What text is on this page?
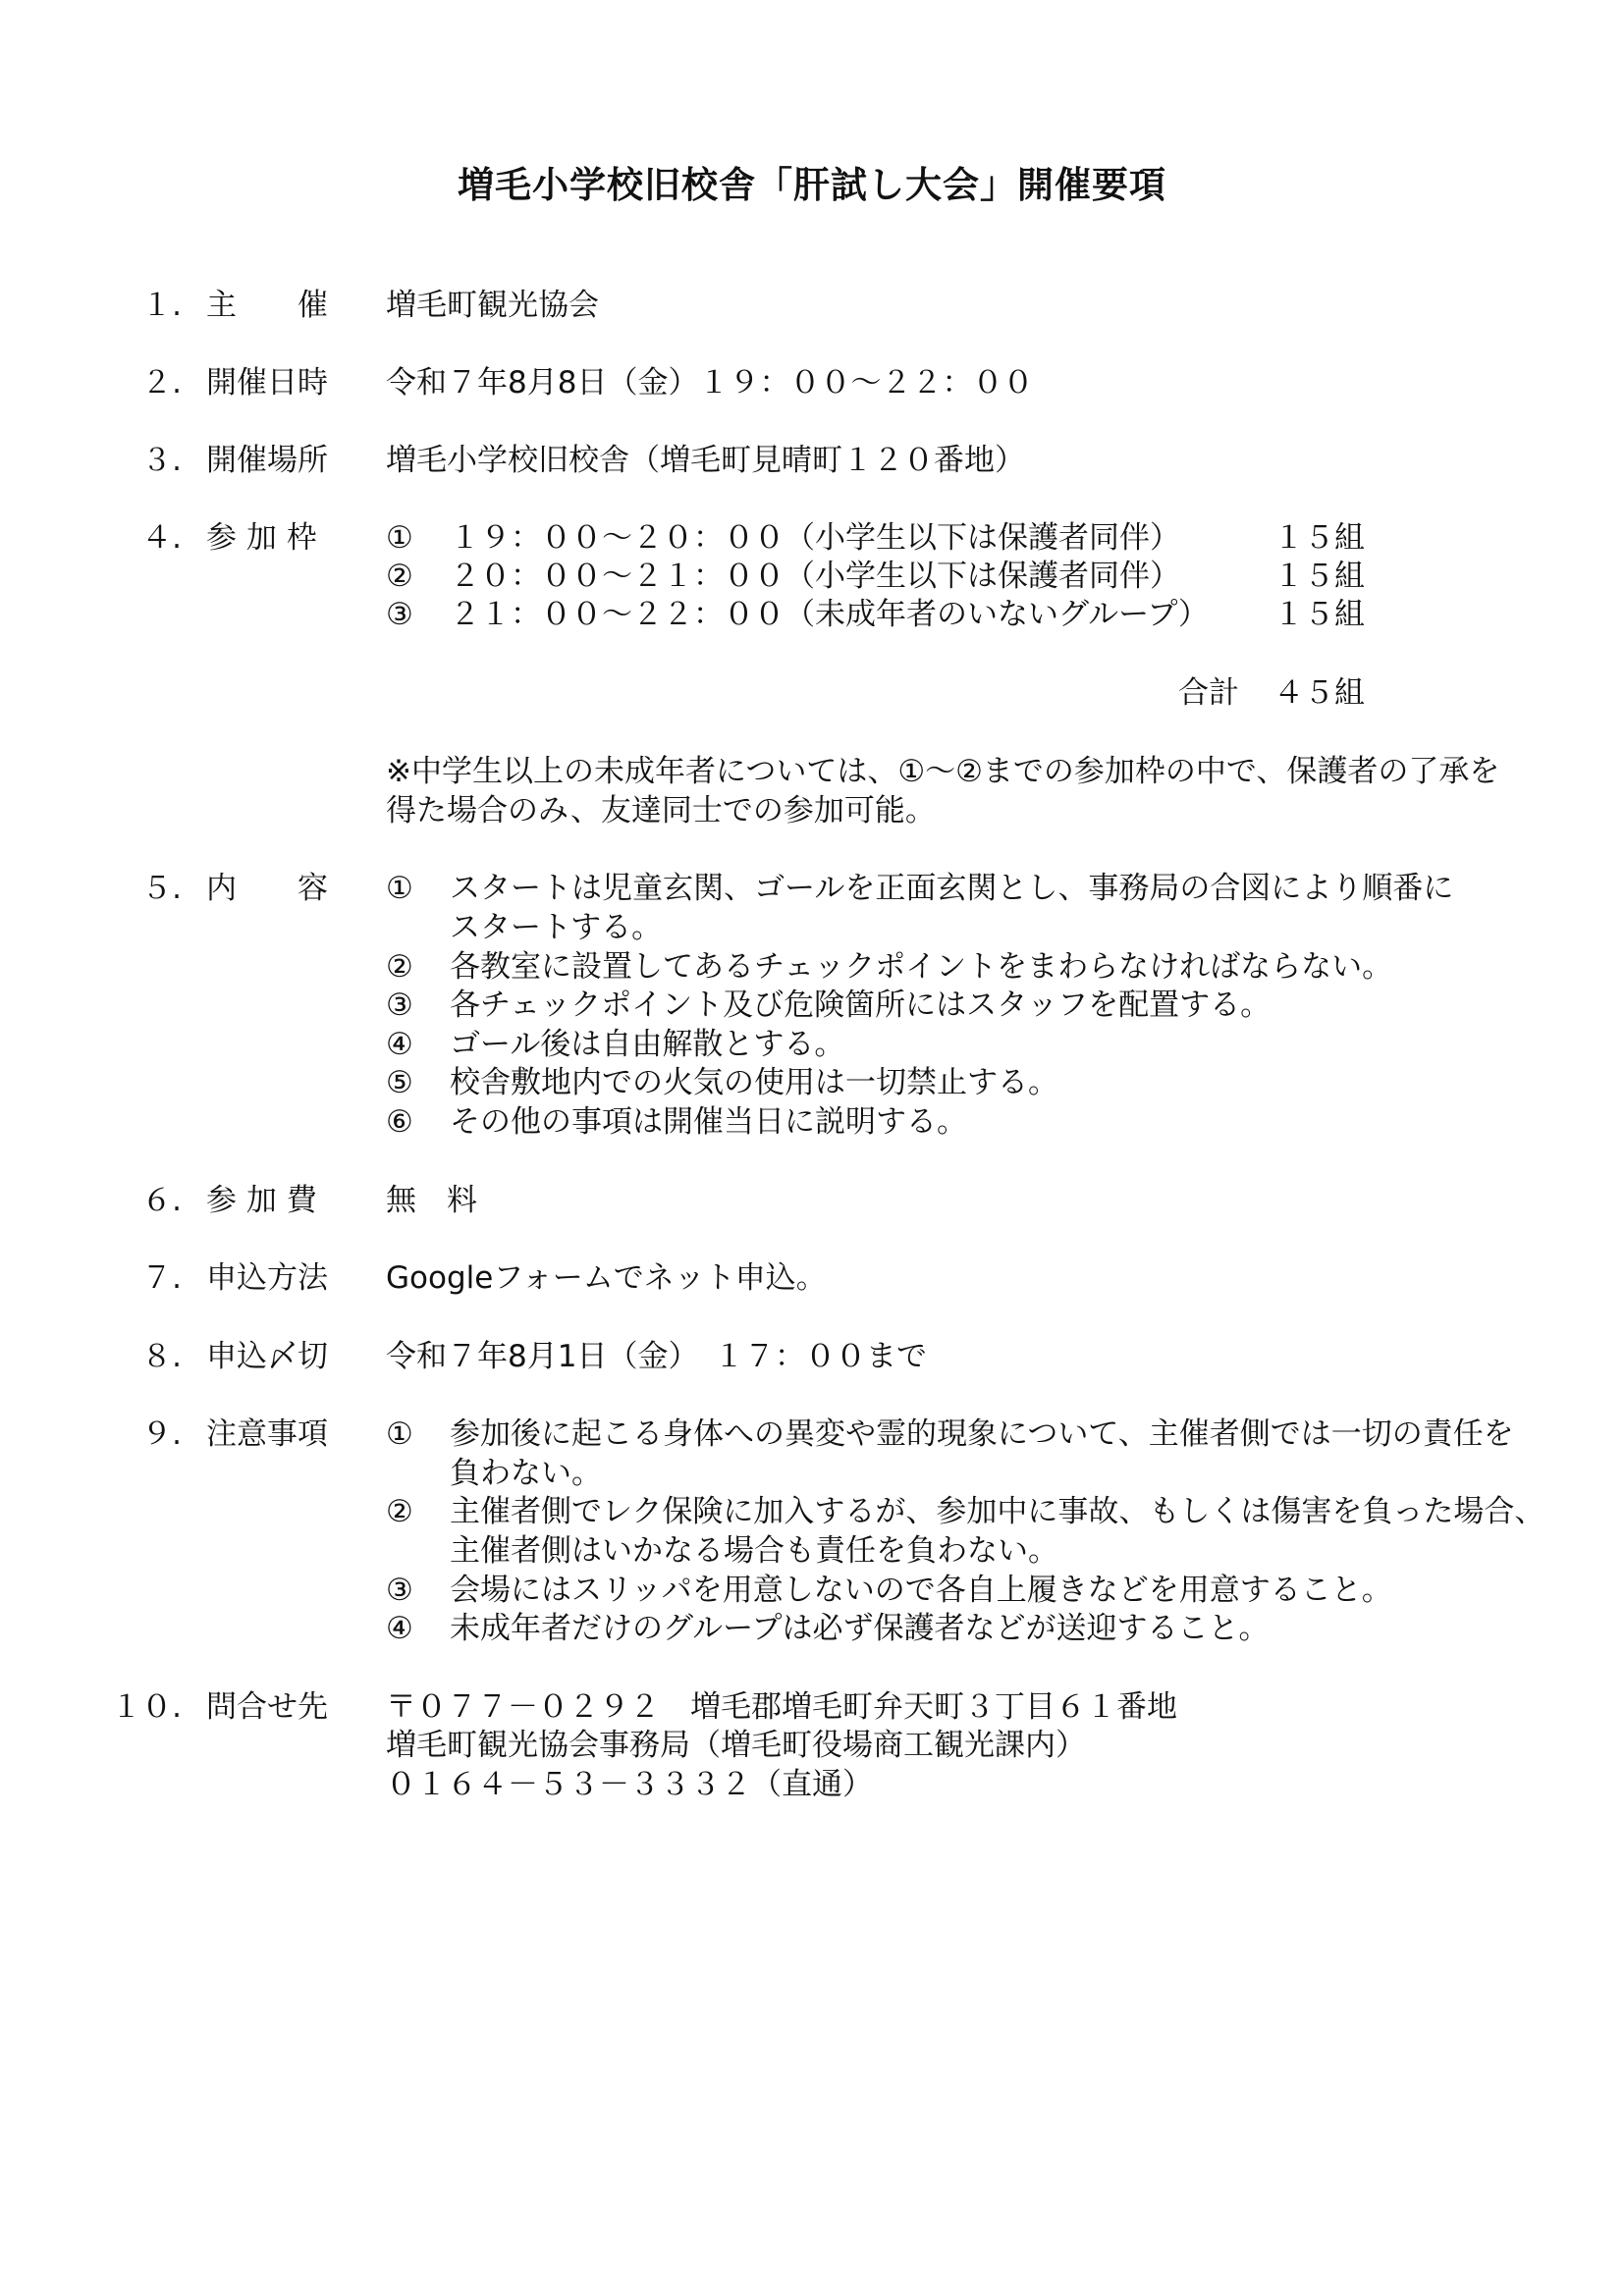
増毛小学校旧校舎「肝試し大会」開催要項
１. 主　　催 増毛町観光協会
２. 開催日時 令和７年8月8日（金）１９：００～２２：００
３. 開催場所 増毛小学校旧校舎（増毛町見晴町１２０番地）
４. 参 加 枠 ① １９：００～２０：００（小学生以下は保護者同伴）	１５組
② ２０：００～２１：００（小学生以下は保護者同伴）	１５組
③ ２１：００～２２：００（未成年者のいないグループ） １５組
合計 ４５組
※中学生以上の未成年者については、①～②までの参加枠の中で、保護者の了承を
得た場合のみ、友達同士での参加可能。
５. 内　　容 ① スタートは児童玄関、ゴールを正面玄関とし、事務局の合図により順番に
スタートする。
② 各教室に設置してあるチェックポイントをまわらなければならない。
③ 各チェックポイント及び危険箇所にはスタッフを配置する。
④ ゴール後は自由解散とする。
⑤ 校舎敷地内での火気の使用は一切禁止する。
⑥ その他の事項は開催当日に説明する。
６. 参 加 費 無　料
７. 申込方法 Googleフォームでネット申込。
８. 申込〆切 令和７年8月1日（金）　１７：００まで
９. 注意事項 ① 参加後に起こる身体への異変や霊的現象について、主催者側では一切の責任を
負わない。
② 主催者側でレク保険に加入するが、参加中に事故、もしくは傷害を負った場合、
主催者側はいかなる場合も責任を負わない。
③ 会場にはスリッパを用意しないので各自上履きなどを用意すること。
④ 未成年者だけのグループは必ず保護者などが送迎すること。
１０. 問合せ先 〒０７７－０２９２　増毛郡増毛町弁天町３丁目６１番地
増毛町観光協会事務局（増毛町役場商工観光課内）
０１６４－５３－３３３２（直通）
